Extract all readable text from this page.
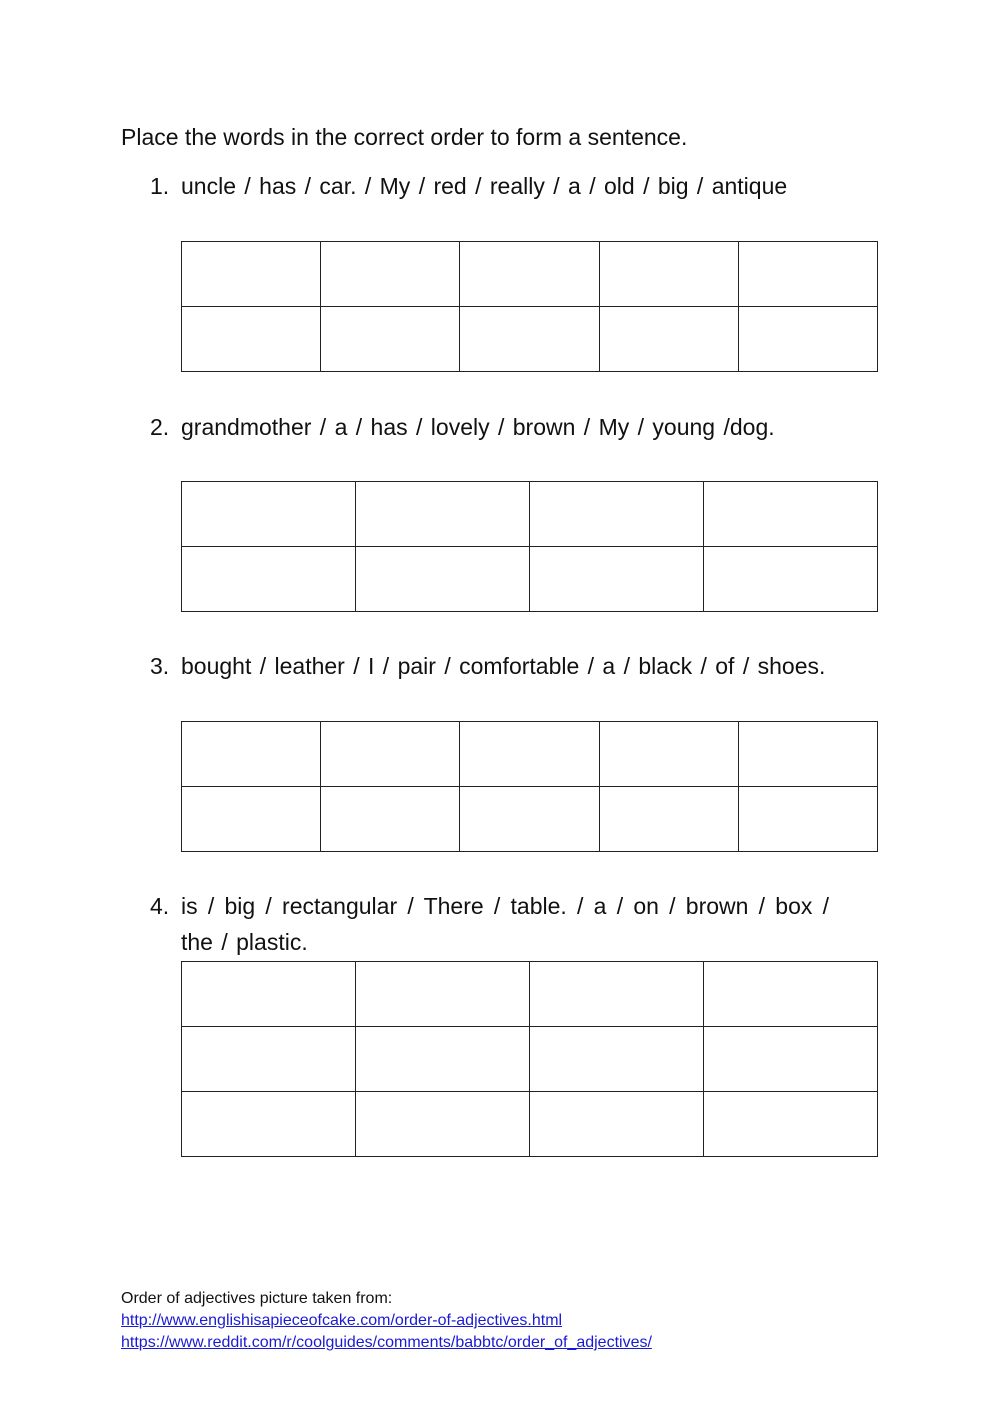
Place the words in the correct order to form a sentence.
1. uncle / has / car. / My / red / really / a / old / big / antique

2. grandmother / a / has / lovely / brown / My / young /dog.

3. bought / leather / I / pair / comfortable / a / black / of / shoes.

4. is / big / rectangular / There / table. / a / on / brown / box / the / plastic.

Order of adjectives picture taken from:
http://www.englishisapieceofcake.com/order-of-adjectives.html
https://www.reddit.com/r/coolguides/comments/babbtc/order_of_adjectives/
